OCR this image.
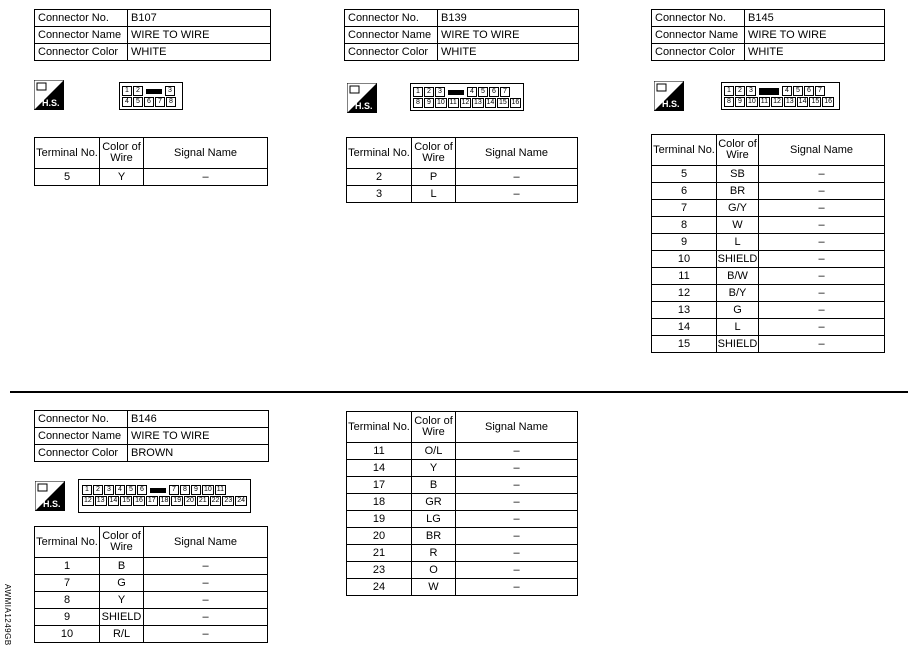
Connector No.	B107
Connector Name	WIRE TO WIRE
Connector Color	WHITE
H.S.
1	2	3
4	5	6	7	8
Terminal No.	Color of Wire	Signal Name
5	Y	–
Connector No.	B139
Connector Name	WIRE TO WIRE
Connector Color	WHITE
H.S.
1	2	3	4	5	6	7
8	9 10 11 12 13 14 15 16
Terminal No.	Color of Wire	Signal Name
2	P	–
3	L	–
Connector No.	B145
Connector Name	WIRE TO WIRE
Connector Color	WHITE
H.S.
1	2	3	4	5	6	7
8	9 10 11 12 13 14 15 16
Terminal No.	Color of Wire	Signal Name
5	SB	–
6	BR	–
7	G/Y	–
8	W	–
9	L	–
10	SHIELD	–
11	B/W	–
12	B/Y	–
13	G	–
14	L	–
15	SHIELD	–
Connector No.	B146
Connector Name	WIRE TO WIRE
Connector Color	BROWN
H.S.
1	2	3	4	5	6	7	8	9 10 11
12 13 14 15 16 17 18 19 20 21 22 23 24
Terminal No.	Color of Wire	Signal Name
1	B	–
7	G	–
8	Y	–
9	SHIELD	–
10	R/L	–
Terminal No.	Color of Wire	Signal Name
11	O/L	–
14	Y	–
17	B	–
18	GR	–
19	LG	–
20	BR	–
21	R	–
23	O	–
24	W	–
AWMIA1249GB
